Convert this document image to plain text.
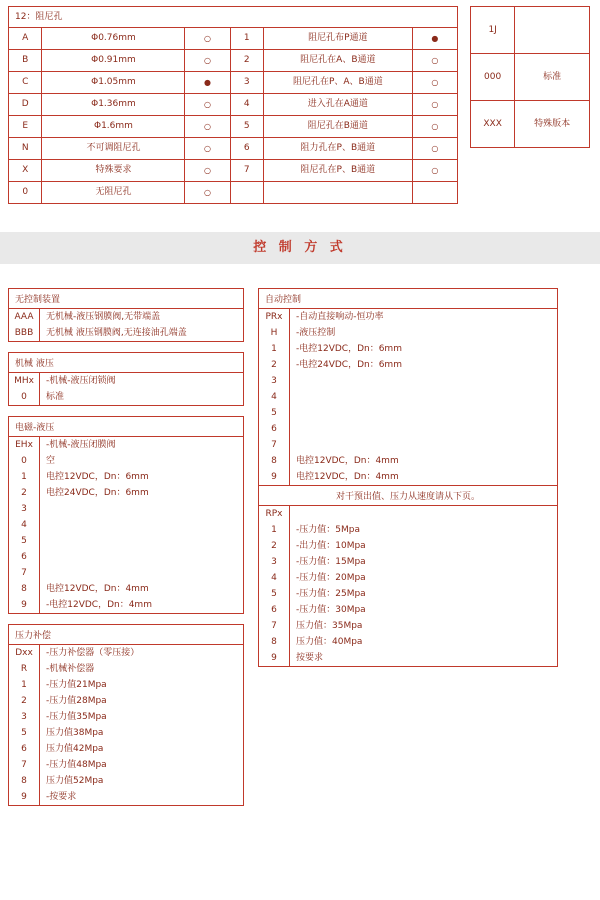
12：阻尼孔					
A	Φ0.76mm	○	1	阻尼孔布P通道	●
B	Φ0.91mm	○	2	阻尼孔在A、B通道	○
C	Φ1.05mm	●	3	阻尼孔在P、A、B通道	○
D	Φ1.36mm	○	4	进入孔在A通道	○
E	Φ1.6mm	○	5	阻尼孔在B通道	○
N	不可调阻尼孔	○	6	阻力孔在P、B通道	○
X	特殊要求	○	7	阻尼孔在P、B通道	○
0	无阻尼孔	○			
1J	
000	标准
XXX	特殊版本
控 制 方 式
无控制装置
AAA	无机械-液压钢膜阀,无带端盖
BBB	无机械 液压钢膜阀,无连接油孔端盖
机械 液压
MHx	-机械-液压闭锁阀
0	标准
电磁-液压
EHx	-机械-液压闭膜阀
0	空
1	电控12VDC，Dn：6mm
2	电控24VDC，Dn：6mm
3
4
5
6
7
8	电控12VDC，Dn：4mm
9	-电控12VDC，Dn：4mm
压力补偿
Dxx	-压力补偿器（零压接）
R	-机械补偿器
1	-压力值21Mpa
2	-压力值28Mpa
3	-压力值35Mpa
5	压力值38Mpa
6	压力值42Mpa
7	-压力值48Mpa
8	压力值52Mpa
9	-按要求
自动控制
PRx	-自动直接响动-恒功率
H	-液压控制
1	-电控12VDC，Dn：6mm
2	-电控24VDC，Dn：6mm
3
4
5
6
7
8	电控12VDC，Dn：4mm
9	电控12VDC，Dn：4mm
对干预出值、压力从速度请从下页。
RPx
1	-压力值：5Mpa
2	-出力值：10Mpa
3	-压力值：15Mpa
4	-压力值：20Mpa
5	-压力值：25Mpa
6	-压力值：30Mpa
7	压力值：35Mpa
8	压力值：40Mpa
9	按要求
